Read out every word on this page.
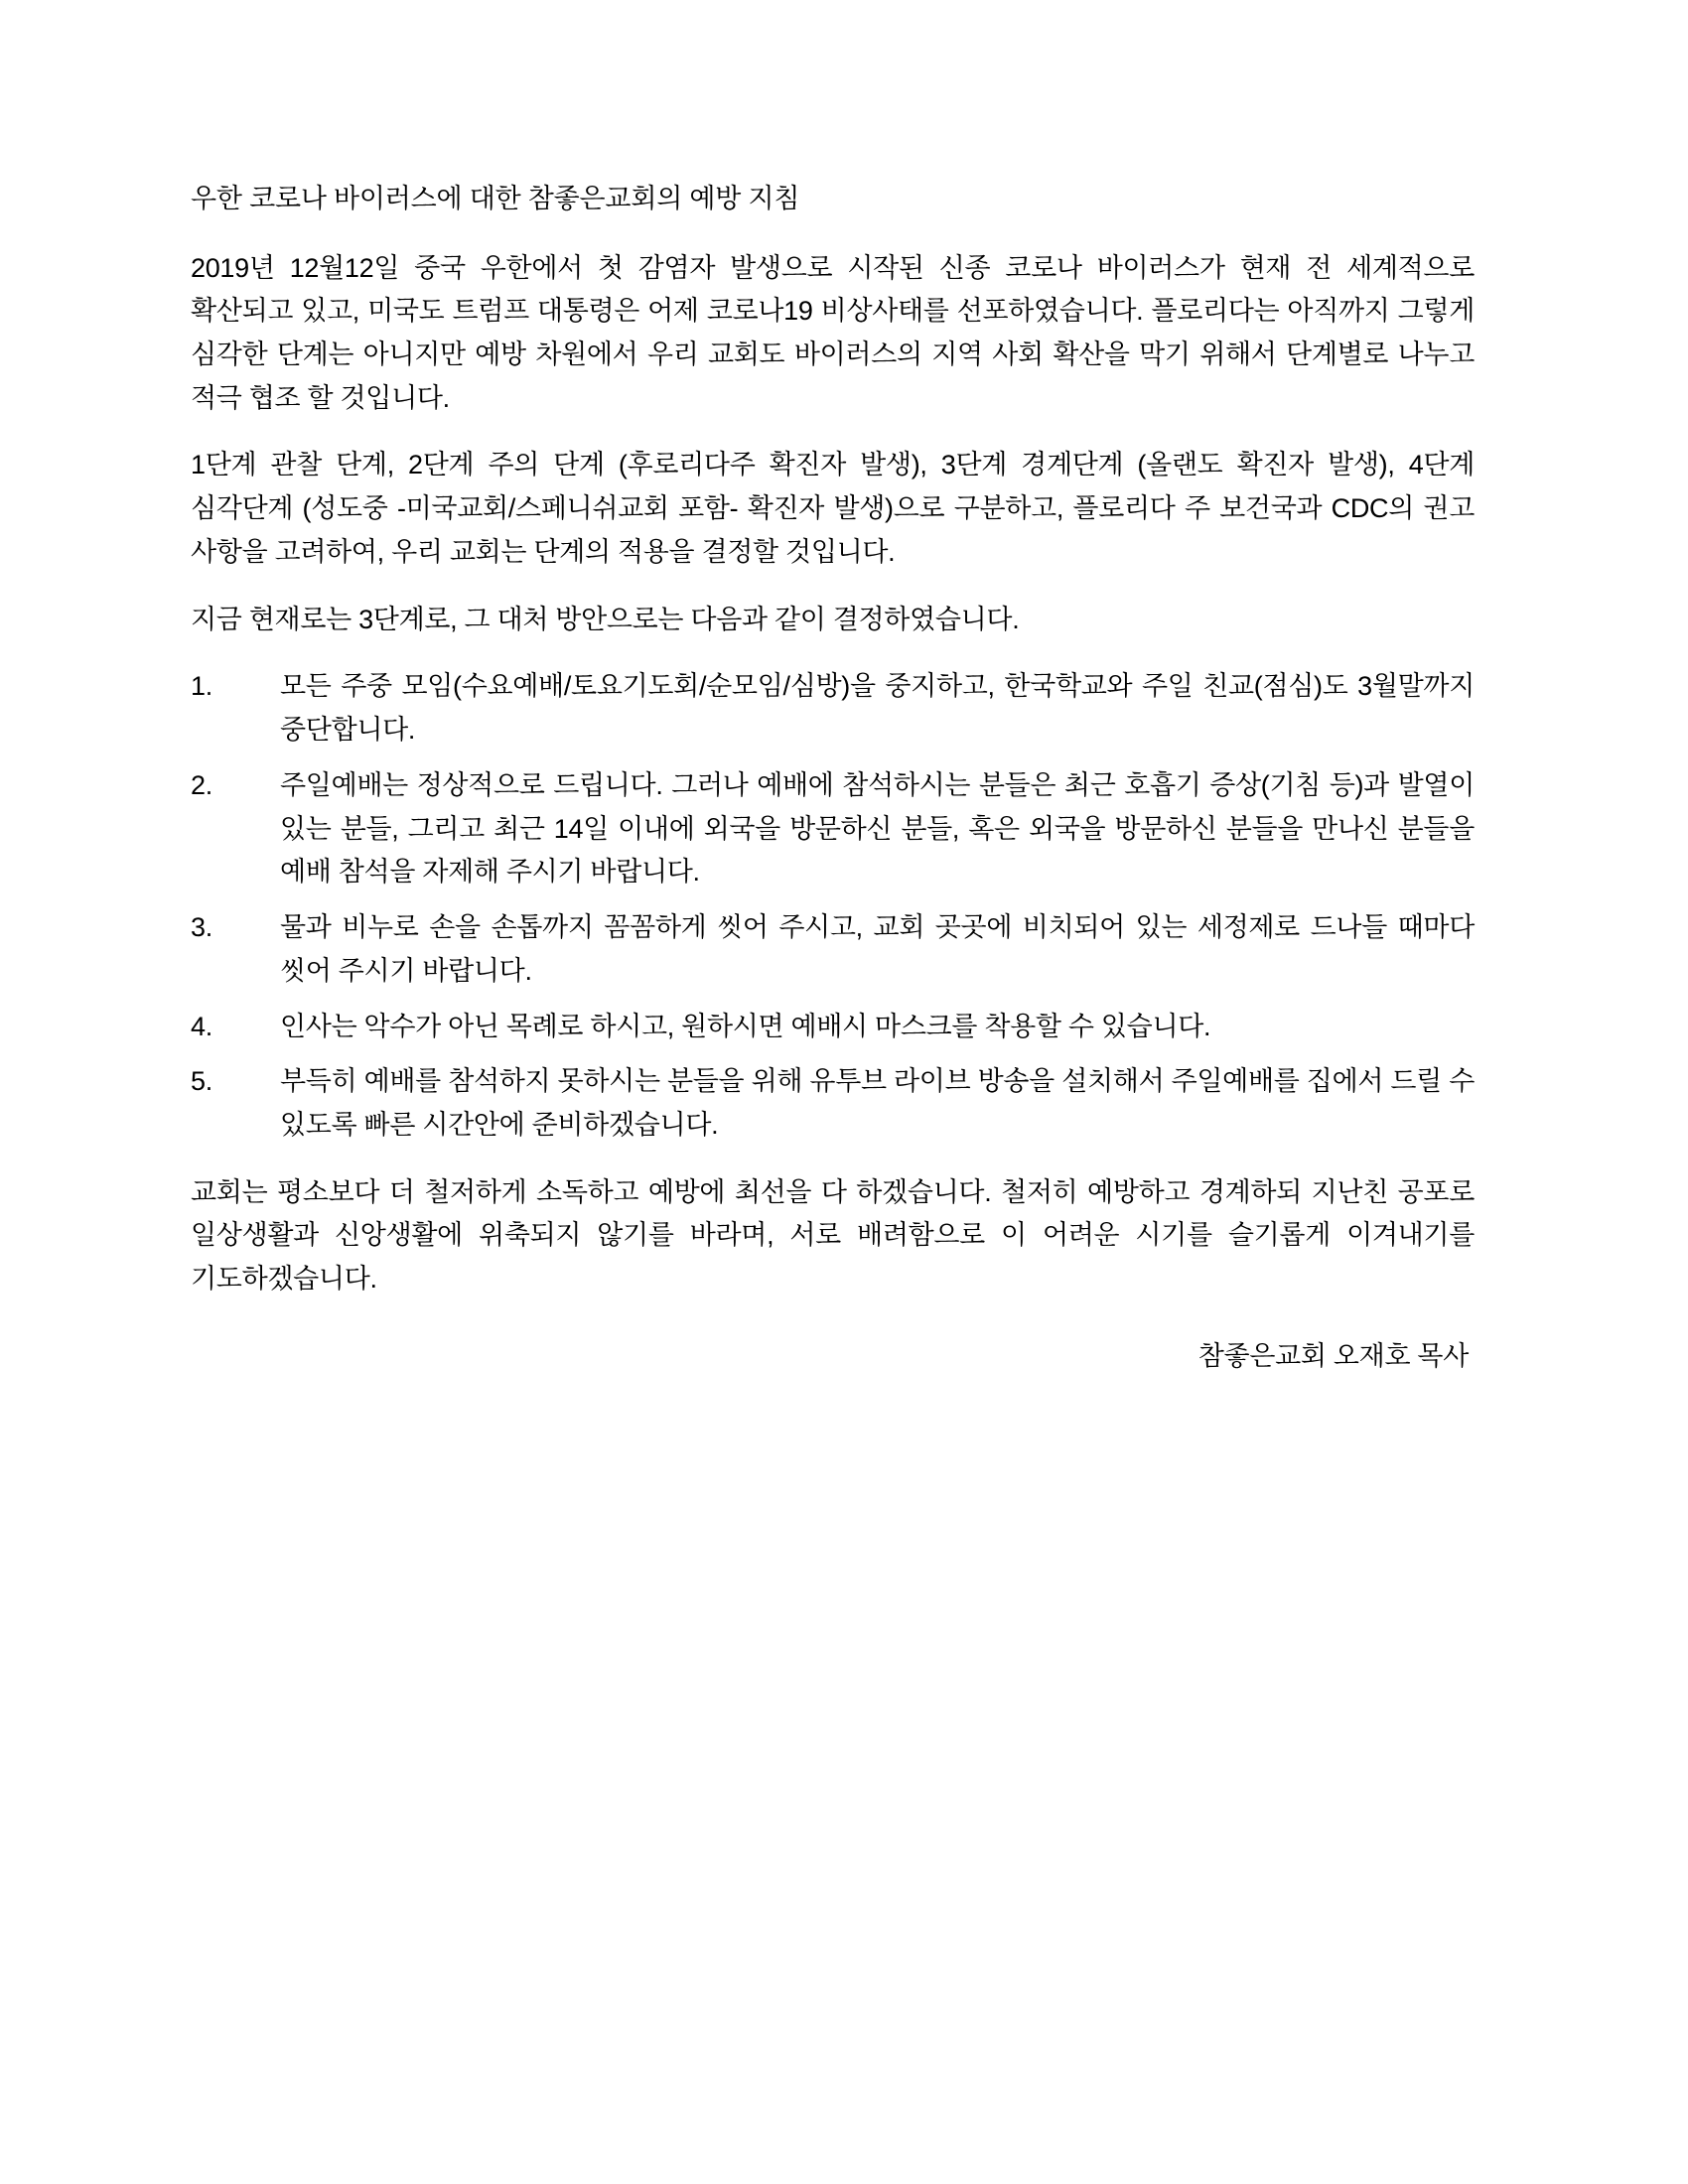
우한 코로나 바이러스에 대한 참좋은교회의 예방 지침

2019년 12월12일 중국 우한에서 첫 감염자 발생으로 시작된 신종 코로나 바이러스가 현재 전 세계적으로 확산되고 있고, 미국도 트럼프 대통령은 어제 코로나19 비상사태를 선포하였습니다. 플로리다는 아직까지 그렇게 심각한 단계는 아니지만 예방 차원에서 우리 교회도 바이러스의 지역 사회 확산을 막기 위해서 단계별로 나누고 적극 협조 할 것입니다.

1단계 관찰 단계, 2단계 주의 단계 (후로리다주 확진자 발생), 3단계 경계단계 (올랜도 확진자 발생), 4단계 심각단계 (성도중 -미국교회/스페니쉬교회 포함- 확진자 발생)으로 구분하고, 플로리다 주 보건국과 CDC의 권고 사항을 고려하여, 우리 교회는 단계의 적용을 결정할 것입니다.

지금 현재로는 3단계로, 그 대처 방안으로는 다음과 같이 결정하였습니다.

1.	모든 주중 모임(수요예배/토요기도회/순모임/심방)을 중지하고, 한국학교와 주일 친교(점심)도 3월말까지 중단합니다.
2.	주일예배는 정상적으로 드립니다. 그러나 예배에 참석하시는 분들은 최근 호흡기 증상(기침 등)과 발열이 있는 분들, 그리고 최근 14일 이내에 외국을 방문하신 분들, 혹은 외국을 방문하신 분들을 만나신 분들을 예배 참석을 자제해 주시기 바랍니다.
3.	물과 비누로 손을 손톱까지 꼼꼼하게 씻어 주시고, 교회 곳곳에 비치되어 있는 세정제로 드나들 때마다 씻어 주시기 바랍니다.
4.	인사는 악수가 아닌 목례로 하시고, 원하시면 예배시 마스크를 착용할 수 있습니다.
5.	부득히 예배를 참석하지 못하시는 분들을 위해 유투브 라이브 방송을 설치해서 주일예배를 집에서 드릴 수 있도록 빠른 시간안에 준비하겠습니다.

교회는 평소보다 더 철저하게 소독하고 예방에 최선을 다 하겠습니다. 철저히 예방하고 경계하되 지난친 공포로 일상생활과 신앙생활에 위축되지 않기를 바라며, 서로 배려함으로 이 어려운 시기를 슬기롭게 이겨내기를 기도하겠습니다.

참좋은교회 오재호 목사
